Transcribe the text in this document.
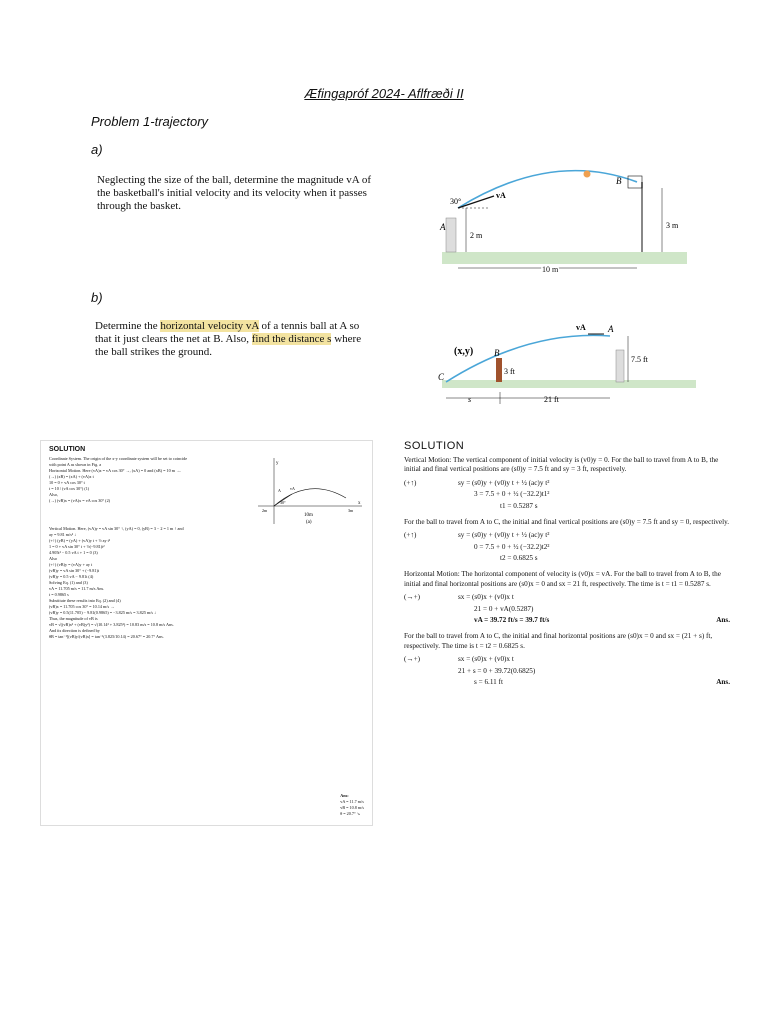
Æfingapróf 2024- Aflfræði II
Problem 1-trajectory
a)
b)
Neglecting the size of the ball, determine the magnitude vA of the basketball's initial velocity and its velocity when it passes through the basket.	30°
vA
A
2 m
B
3 m
10 m
Determine the horizontal velocity vA of a tennis ball at A so that it just clears the net at B. Also, find the distance s where the ball strikes the ground.	(x,y)
C
B
3 ft
vA A
7.5 ft
s	21 ft
SOLUTION
Coordinate System. The origin of the x-y coordinate system will be set to coincide
with point A as shown in Fig. a
Horizontal Motion. Here (vA)x = vA cos 30° →, (xA) = 0 and (xB) = 10 m →.
(→) (xB) = (xA) + (vA)x t
10 = 0 + vA cos 30° t
t = 10 / (vA cos 30°) (1)
Also,
(→) (vB)x = (vA)x = vA cos 30° (2)
y
x
A
30°
vA
2m	3m
10m
(a)
Vertical Motion. Here, (vA)y = vA sin 30° ↑, (yA) = 0, (yB) = 3 − 2 = 1 m ↑ and
ay = 9.81 m/s² ↓
(+↑) (yB) = (yA) + (vA)y t + ½ ay t²
1 = 0 + vA sin 30° t + ½(−9.81)t²
4.905t² − 0.5 vA t + 1 = 0 (3)
Also
(+↑) (vB)y = (vA)y + ay t
(vB)y = vA sin 30° + (−9.81)t
(vB)y = 0.5 vA − 9.81t (4)
Solving Eq. (1) and (3)
vA = 11.705 m/s = 11.7 m/s Ans.
t = 0.9865 s
Substitute these results into Eq. (2) and (4)
(vB)x = 11.705 cos 30° = 10.14 m/s →
(vB)y = 0.5(11.705) − 9.81(0.9865) = −3.825 m/s = 3.825 m/s ↓
Thus, the magnitude of vB is
vB = √((vB)x² + (vB)y²) = √(10.14² + 3.825²) = 10.83 m/s = 10.8 m/s Ans.
And its direction is defined by
θB = tan⁻¹[(vB)y/(vB)x] = tan⁻¹(3.825/10.14) = 20.67° = 20.7° Ans.
Ans:
vA = 11.7 m/s
vB = 10.8 m/s
θ = 20.7° ↘
SOLUTION
Vertical Motion: The vertical component of initial velocity is (v0)y = 0. For the ball to travel from A to B, the initial and final vertical positions are (s0)y = 7.5 ft and sy = 3 ft, respectively.
(+↑)	sy = (s0)y + (v0)y t + ½ (ac)y t²
3 = 7.5 + 0 + ½ (−32.2)t1²
t1 = 0.5287 s
For the ball to travel from A to C, the initial and final vertical positions are (s0)y = 7.5 ft and sy = 0, respectively.
(+↑)	sy = (s0)y + (v0)y t + ½ (ac)y t²
0 = 7.5 + 0 + ½ (−32.2)t2²
t2 = 0.6825 s
Horizontal Motion: The horizontal component of velocity is (v0)x = vA. For the ball to travel from A to B, the initial and final horizontal positions are (s0)x = 0 and sx = 21 ft, respectively. The time is t = t1 = 0.5287 s.
(→+)	sx = (s0)x + (v0)x t
21 = 0 + vA(0.5287)
vA = 39.72 ft/s = 39.7 ft/s	Ans.
For the ball to travel from A to C, the initial and final horizontal positions are (s0)x = 0 and sx = (21 + s) ft, respectively. The time is t = t2 = 0.6825 s.
(→+)	sx = (s0)x + (v0)x t
21 + s = 0 + 39.72(0.6825)
s = 6.11 ft	Ans.
